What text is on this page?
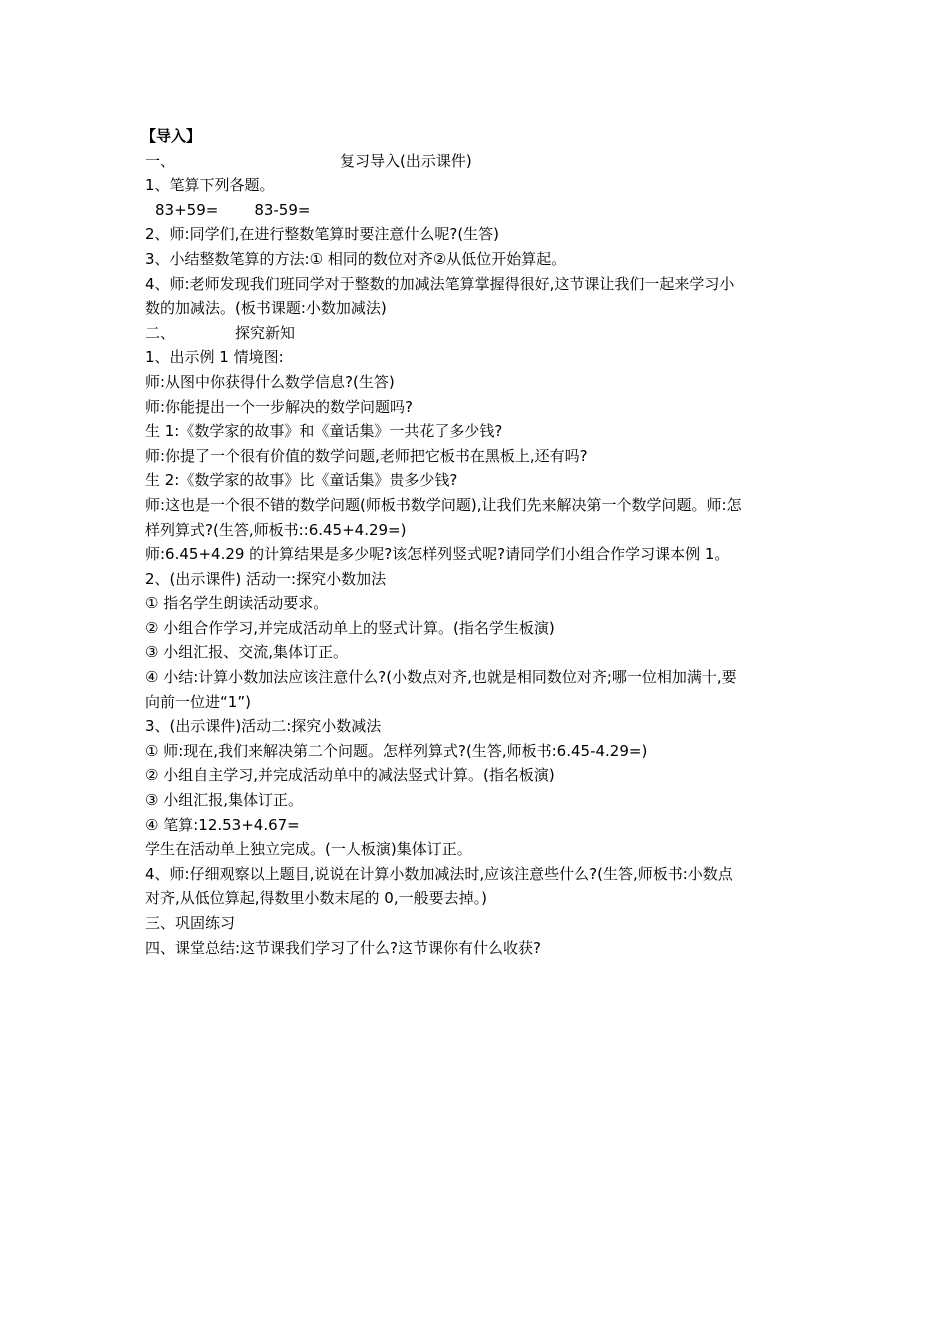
【导入】
一、	复习导入(出示课件)
1、笔算下列各题。
83+59= 83-59=
2、师:同学们,在进行整数笔算时要注意什么呢?(生答)
3、小结整数笔算的方法:① 相同的数位对齐②从低位开始算起。
4、师:老师发现我们班同学对于整数的加减法笔算掌握得很好,这节课让我们一起来学习小
数的加减法。(板书课题:小数加减法)
二、	探究新知
1、出示例 1 情境图:
师:从图中你获得什么数学信息?(生答)
师:你能提出一个一步解决的数学问题吗?
生 1:《数学家的故事》和《童话集》一共花了多少钱?
师:你提了一个很有价值的数学问题,老师把它板书在黑板上,还有吗?
生 2:《数学家的故事》比《童话集》贵多少钱?
师:这也是一个很不错的数学问题(师板书数学问题),让我们先来解决第一个数学问题。师:怎
样列算式?(生答,师板书::6.45+4.29=)
师:6.45+4.29 的计算结果是多少呢?该怎样列竖式呢?请同学们小组合作学习课本例 1。
2、(出示课件) 活动一:探究小数加法
① 指名学生朗读活动要求。
② 小组合作学习,并完成活动单上的竖式计算。(指名学生板演)
③ 小组汇报、交流,集体订正。
④ 小结:计算小数加法应该注意什么?(小数点对齐,也就是相同数位对齐;哪一位相加满十,要
向前一位进“1”)
3、(出示课件)活动二:探究小数减法
① 师:现在,我们来解决第二个问题。怎样列算式?(生答,师板书:6.45-4.29=)
② 小组自主学习,并完成活动单中的减法竖式计算。(指名板演)
③ 小组汇报,集体订正。
④ 笔算:12.53+4.67=
学生在活动单上独立完成。(一人板演)集体订正。
4、师:仔细观察以上题目,说说在计算小数加减法时,应该注意些什么?(生答,师板书:小数点
对齐,从低位算起,得数里小数末尾的 0,一般要去掉。)
三、巩固练习
四、课堂总结:这节课我们学习了什么?这节课你有什么收获?
